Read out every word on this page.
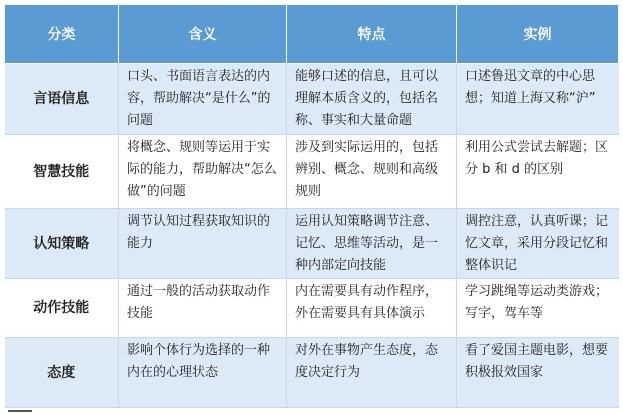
分类	含义	特点	实例
言语信息	口头、书面语言表达的内容，帮助解决“是什么”的问题	能够口述的信息，且可以理解本质含义的，包括名称、事实和大量命题	口述鲁迅文章的中心思想；知道上海又称“沪”
智慧技能	将概念、规则等运用于实际的能力，帮助解决“怎么做”的问题	涉及到实际运用的，包括辨别、概念、规则和高级规则	利用公式尝试去解题；区分 b 和 d 的区别
认知策略	调节认知过程获取知识的能力	运用认知策略调节注意、记忆、思维等活动，是一种内部定向技能	调控注意，认真听课；记忆文章，采用分段记忆和整体识记
动作技能	通过一般的活动获取动作技能	内在需要具有动作程序，外在需要具有具体演示	学习跳绳等运动类游戏；写字，驾车等
态度	影响个体行为选择的一种内在的心理状态	对外在事物产生态度，态度决定行为	看了爱国主题电影，想要积极报效国家
